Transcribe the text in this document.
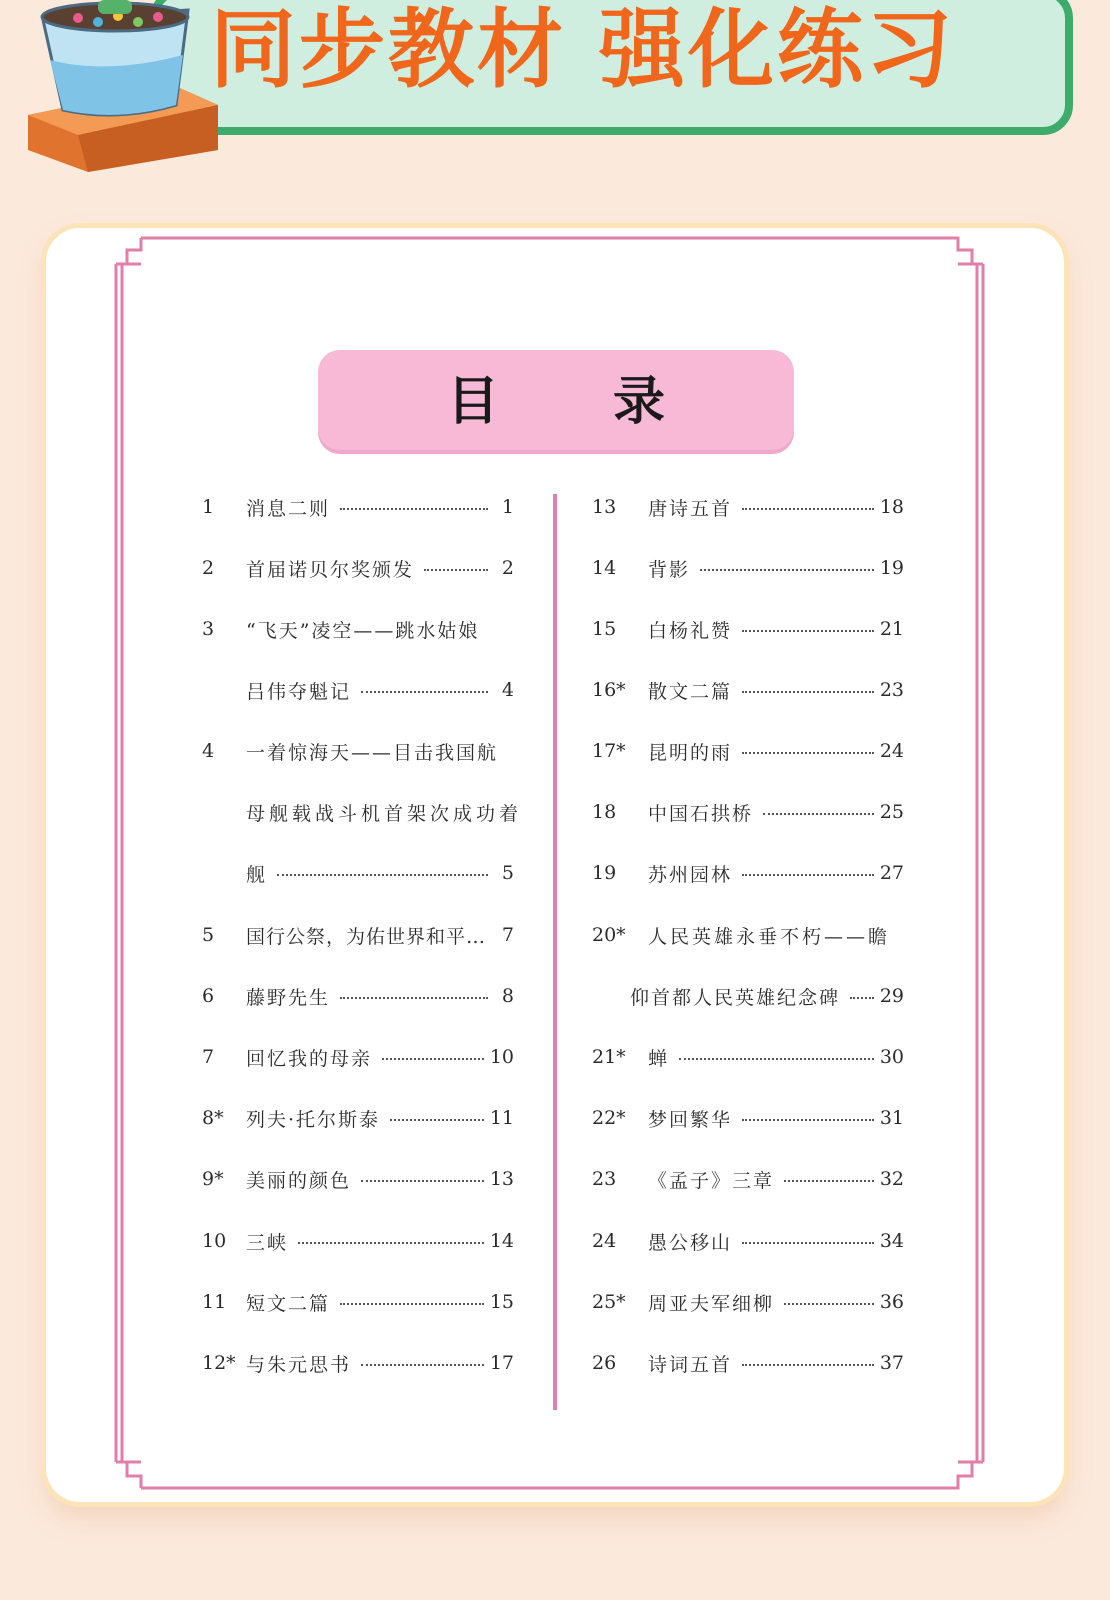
同步教材 强化练习
目 录
1	消息二则	1
2	首届诺贝尔奖颁发	2
3	“飞天”凌空——跳水姑娘
吕伟夺魁记	4
4	一着惊海天——目击我国航
母舰载战斗机首架次成功着
舰	5
5	国行公祭，为佑世界和平… 7
6	藤野先生	8
7	回忆我的母亲	10
8*	列夫·托尔斯泰	11
9*	美丽的颜色	13
10	三峡	14
11	短文二篇	15
12* 与朱元思书	17
13	唐诗五首	18
14	背影	19
15	白杨礼赞	21
16*	散文二篇	23
17*	昆明的雨	24
18	中国石拱桥	25
19	苏州园林	27
20*	人民英雄永垂不朽——瞻
仰首都人民英雄纪念碑 29
21*	蝉	30
22*	梦回繁华	31
23	《孟子》三章	32
24	愚公移山	34
25*	周亚夫军细柳	36
26	诗词五首	37
